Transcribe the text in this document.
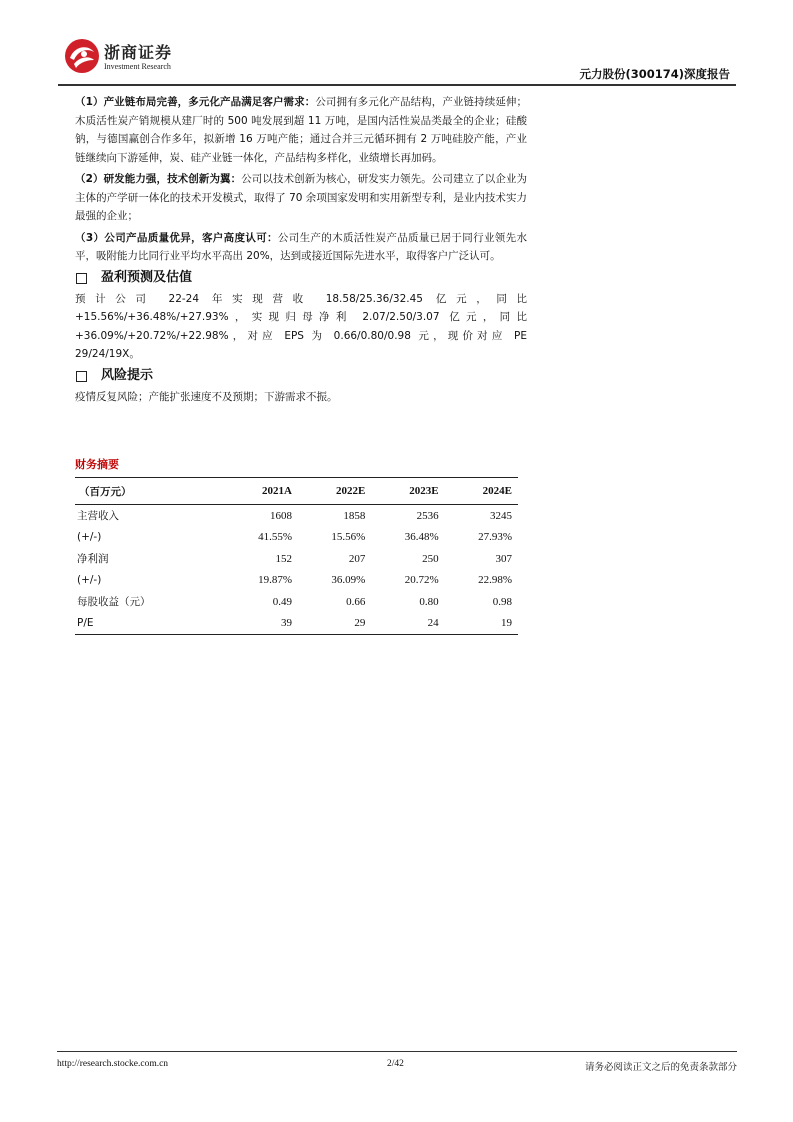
浙商证券
Investment Research
元力股份(300174)深度报告

（1）产业链布局完善，多元化产品满足客户需求：公司拥有多元化产品结构，产业链持续延伸；木质活性炭产销规模从建厂时的 500 吨发展到超 11 万吨，是国内活性炭品类最全的企业；硅酸钠，与德国赢创合作多年，拟新增 16 万吨产能；通过合并三元循环拥有 2 万吨硅胶产能，产业链继续向下游延伸，炭、硅产业链一体化，产品结构多样化，业绩增长再加码。

（2）研发能力强，技术创新为翼：公司以技术创新为核心，研发实力领先。公司建立了以企业为主体的产学研一体化的技术开发模式，取得了 70 余项国家发明和实用新型专利，是业内技术实力最强的企业；

（3）公司产品质量优异，客户高度认可：公司生产的木质活性炭产品质量已居于同行业领先水平，吸附能力比同行业平均水平高出 20%，达到或接近国际先进水平，取得客户广泛认可。

盈利预测及估值

预计公司 22-24 年实现营收 18.58/25.36/32.45 亿元，同比+15.56%/+36.48%/+27.93%，实现归母净利 2.07/2.50/3.07 亿元，同比+36.09%/+20.72%/+22.98%，对应 EPS 为 0.66/0.80/0.98 元，现价对应 PE 29/24/19X。

风险提示

疫情反复风险；产能扩张速度不及预期；下游需求不振。

财务摘要
（百万元）	2021A	2022E	2023E	2024E
主营收入	1608	1858	2536	3245
(+/-)	41.55%	15.56%	36.48%	27.93%
净利润	152	207	250	307
(+/-)	19.87%	36.09%	20.72%	22.98%
每股收益（元）	0.49	0.66	0.80	0.98
P/E	39	29	24	19
http://research.stocke.com.cn	2/42	请务必阅读正文之后的免责条款部分
